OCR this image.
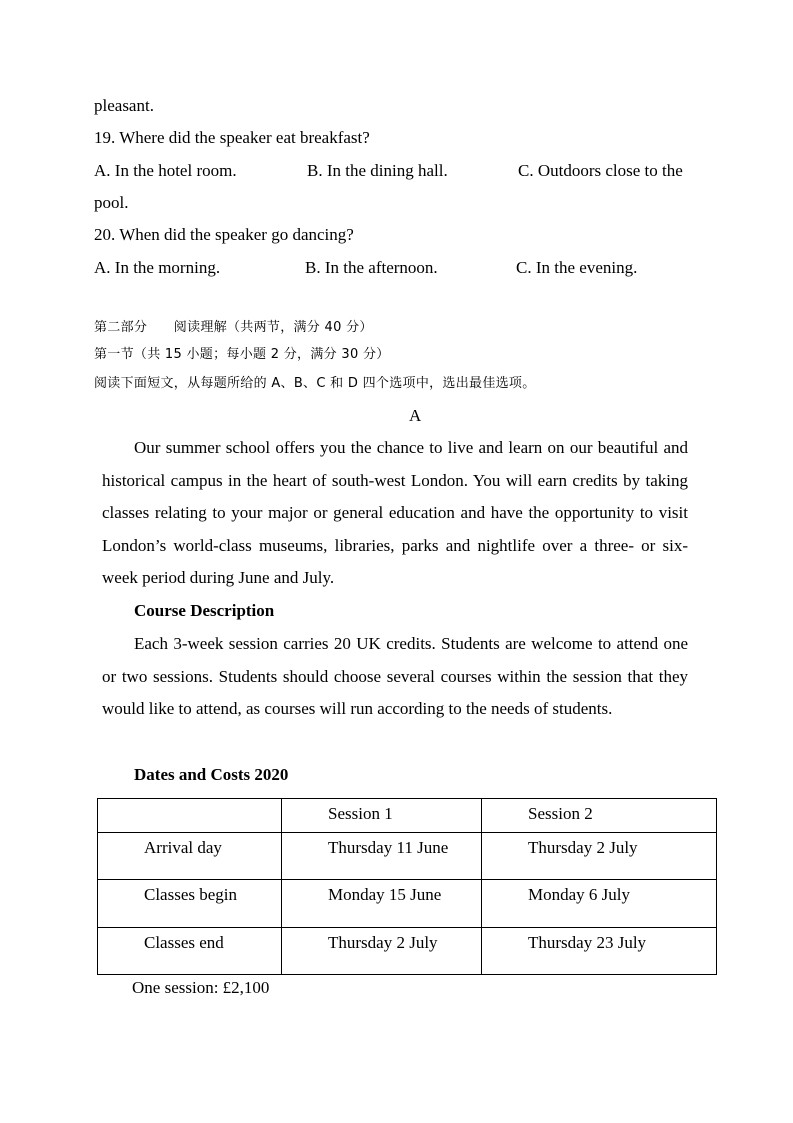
pleasant.
19. Where did the speaker eat breakfast?
A. In the hotel room.	B. In the dining hall.	C. Outdoors close to the
pool.
20. When did the speaker go dancing?
A. In the morning.	B. In the afternoon.	C. In the evening.
第二部分　　阅读理解（共两节，满分 40 分）
第一节（共 15 小题；每小题 2 分，满分 30 分）
阅读下面短文，从每题所给的 A、B、C 和 D 四个选项中，选出最佳选项。
A
Our summer school offers you the chance to live and learn on our beautiful and historical campus in the heart of south-west London. You will earn credits by taking classes relating to your major or general education and have the opportunity to visit London’s world-class museums, libraries, parks and nightlife over a three- or six-week period during June and July.
Course Description
Each 3-week session carries 20 UK credits. Students are welcome to attend one or two sessions. Students should choose several courses within the session that they would like to attend, as courses will run according to the needs of students.
Dates and Costs 2020

	Session 1	Session 2

Arrival day	Thursday 11 June	Thursday 2 July

Classes begin	Monday 15 June	Monday 6 July

Classes end	Thursday 2 July	Thursday 23 July
One session: £2,100
